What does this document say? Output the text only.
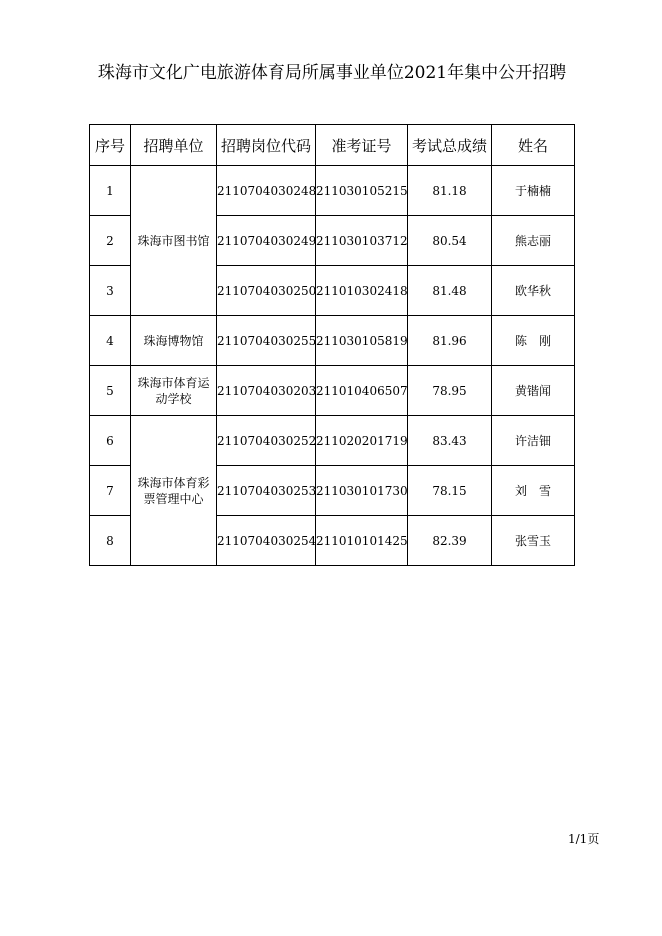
珠海市文化广电旅游体育局所属事业单位2021年集中公开招聘
序号	招聘单位	招聘岗位代码	准考证号	考试总成绩	姓名
1	珠海市图书馆	2110704030248	211030105215	81.18	于楠楠
2		2110704030249	211030103712	80.54	熊志丽
3		2110704030250	211010302418	81.48	欧华秋
4	珠海博物馆	2110704030255	211030105819	81.96	陈　刚
5	珠海市体育运动学校	2110704030203	211010406507	78.95	黄锴闻
6	珠海市体育彩票管理中心	2110704030252	211020201719	83.43	许洁钿
7		2110704030253	211030101730	78.15	刘　雪
8		2110704030254	211010101425	82.39	张雪玉
1/1页
